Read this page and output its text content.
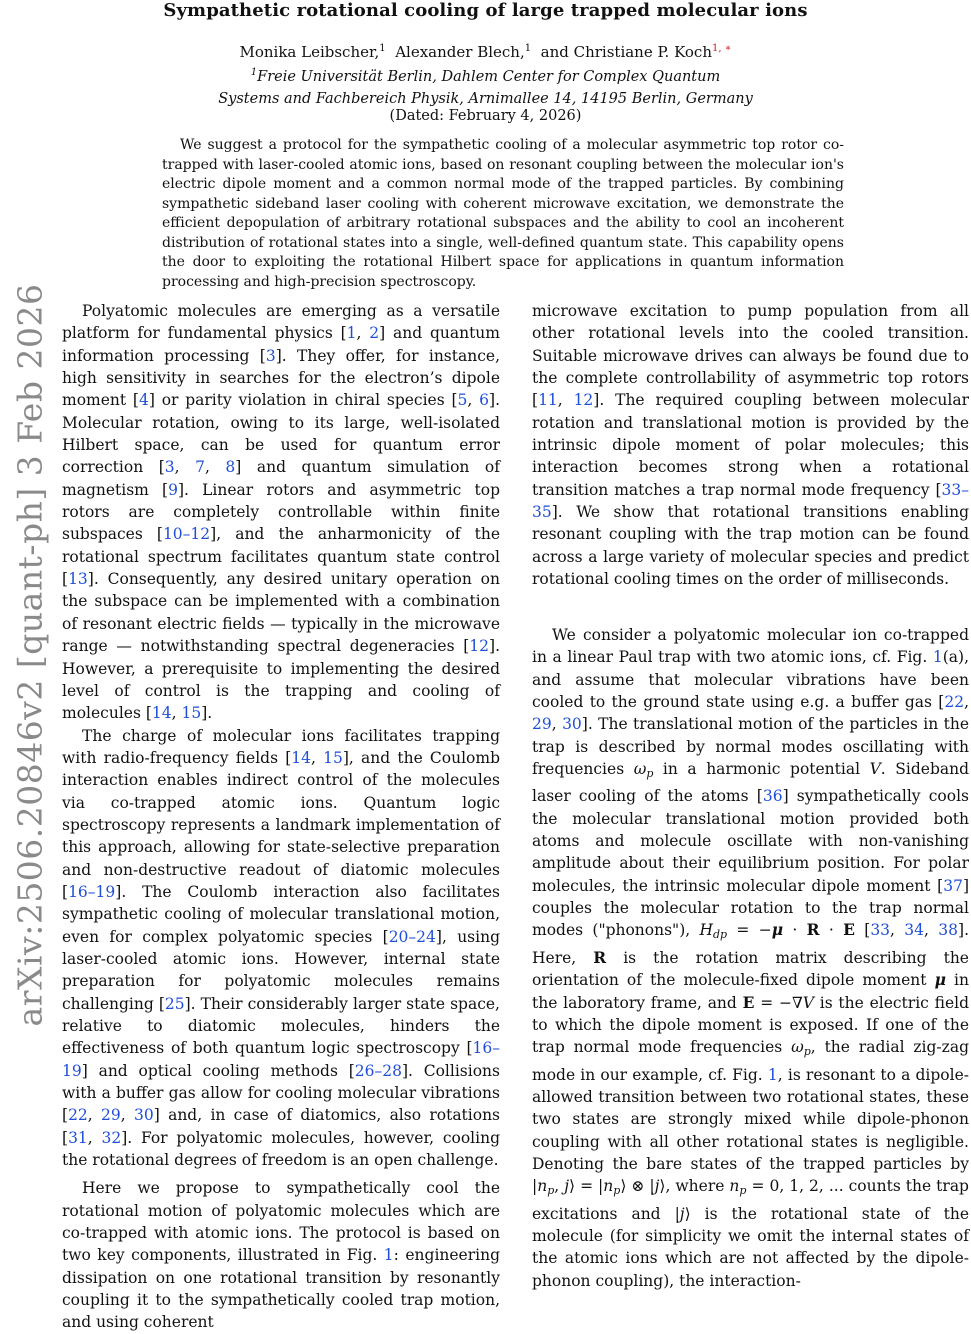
Sympathetic rotational cooling of large trapped molecular ions
Monika Leibscher,$^1$ Alexander Blech,$^1$ and Christiane P. Koch$^{1, ∗}$
$^1$Freie Universität Berlin, Dahlem Center for Complex Quantum
Systems and Fachbereich Physik, Arnimallee 14, 14195 Berlin, Germany
(Dated: February 4, 2026)
We suggest a protocol for the sympathetic cooling of a molecular asymmetric top rotor co-trapped with laser-cooled atomic ions, based on resonant coupling between the molecular ion's electric dipole moment and a common normal mode of the trapped particles. By combining sympathetic sideband laser cooling with coherent microwave excitation, we demonstrate the efficient depopulation of arbitrary rotational subspaces and the ability to cool an incoherent distribution of rotational states into a single, well-defined quantum state. This capability opens the door to exploiting the rotational Hilbert space for applications in quantum information processing and high-precision spectroscopy.
arXiv:2506.20846v2 [quant-ph] 3 Feb 2026	Polyatomic molecules are emerging as a versatile platform for fundamental physics [1, 2] and quantum information processing [3]. They offer, for instance, high sensitivity in searches for the electron’s dipole moment [4] or parity violation in chiral species [5, 6]. Molecular rotation, owing to its large, well-isolated Hilbert space, can be used for quantum error correction [3, 7, 8] and quantum simulation of magnetism [9]. Linear rotors and asymmetric top rotors are completely controllable within finite subspaces [10–12], and the anharmonicity of the rotational spectrum facilitates quantum state control [13]. Consequently, any desired unitary operation on the subspace can be implemented with a combination of resonant electric fields — typically in the microwave range — notwithstanding spectral degeneracies [12]. However, a prerequisite to implementing the desired level of control is the trapping and cooling of molecules [14, 15].

The charge of molecular ions facilitates trapping with radio-frequency fields [14, 15], and the Coulomb interaction enables indirect control of the molecules via co-trapped atomic ions. Quantum logic spectroscopy represents a landmark implementation of this approach, allowing for state-selective preparation and non-destructive readout of diatomic molecules [16–19]. The Coulomb interaction also facilitates sympathetic cooling of molecular translational motion, even for complex polyatomic species [20–24], using laser-cooled atomic ions. However, internal state preparation for polyatomic molecules remains challenging [25]. Their considerably larger state space, relative to diatomic molecules, hinders the effectiveness of both quantum logic spectroscopy [16–19] and optical cooling methods [26–28]. Collisions with a buffer gas allow for cooling molecular vibrations [22, 29, 30] and, in case of diatomics, also rotations [31, 32]. For polyatomic molecules, however, cooling the rotational degrees of freedom is an open challenge.

Here we propose to sympathetically cool the rotational motion of polyatomic molecules which are co-trapped with atomic ions. The protocol is based on two key components, illustrated in Fig. 1: engineering dissipation on one rotational transition by resonantly coupling it to the sympathetically cooled trap motion, and using coherent

microwave excitation to pump population from all other rotational levels into the cooled transition. Suitable microwave drives can always be found due to the complete controllability of asymmetric top rotors [11, 12]. The required coupling between molecular rotation and translational motion is provided by the intrinsic dipole moment of polar molecules; this interaction becomes strong when a rotational transition matches a trap normal mode frequency [33–35]. We show that rotational transitions enabling resonant coupling with the trap motion can be found across a large variety of molecular species and predict rotational cooling times on the order of milliseconds.

We consider a polyatomic molecular ion co-trapped in a linear Paul trap with two atomic ions, cf. Fig. 1(a), and assume that molecular vibrations have been cooled to the ground state using e.g. a buffer gas [22, 29, 30]. The translational motion of the particles in the trap is described by normal modes oscillating with frequencies $\omega_p$ in a harmonic potential V. Sideband laser cooling of the atoms [36] sympathetically cools the molecular translational motion provided both atoms and molecule oscillate with non-vanishing amplitude about their equilibrium position. For polar molecules, the intrinsic molecular dipole moment [37] couples the molecular rotation to the trap normal modes ("phonons"), $H_{dp} = -\mu \cdot R \cdot E$ [33, 34, 38]. Here, R is the rotation matrix describing the orientation of the molecule-fixed dipole moment μ in the laboratory frame, and E = −∇V is the electric field to which the dipole moment is exposed. If one of the trap normal mode frequencies $\omega_p$, the radial zig-zag mode in our example, cf. Fig. 1, is resonant to a dipole-allowed transition between two rotational states, these two states are strongly mixed while dipole-phonon coupling with all other rotational states is negligible. Denoting the bare states of the trapped particles by $|n_p$, j⟩ = $|n_p⟩$ ⊗ |j⟩, where $n_p = 0$, 1, 2, ... counts the trap excitations and |j⟩ is the rotational state of the molecule (for simplicity we omit the internal states of the atomic ions which are not affected by the dipole-phonon coupling), the interaction-
